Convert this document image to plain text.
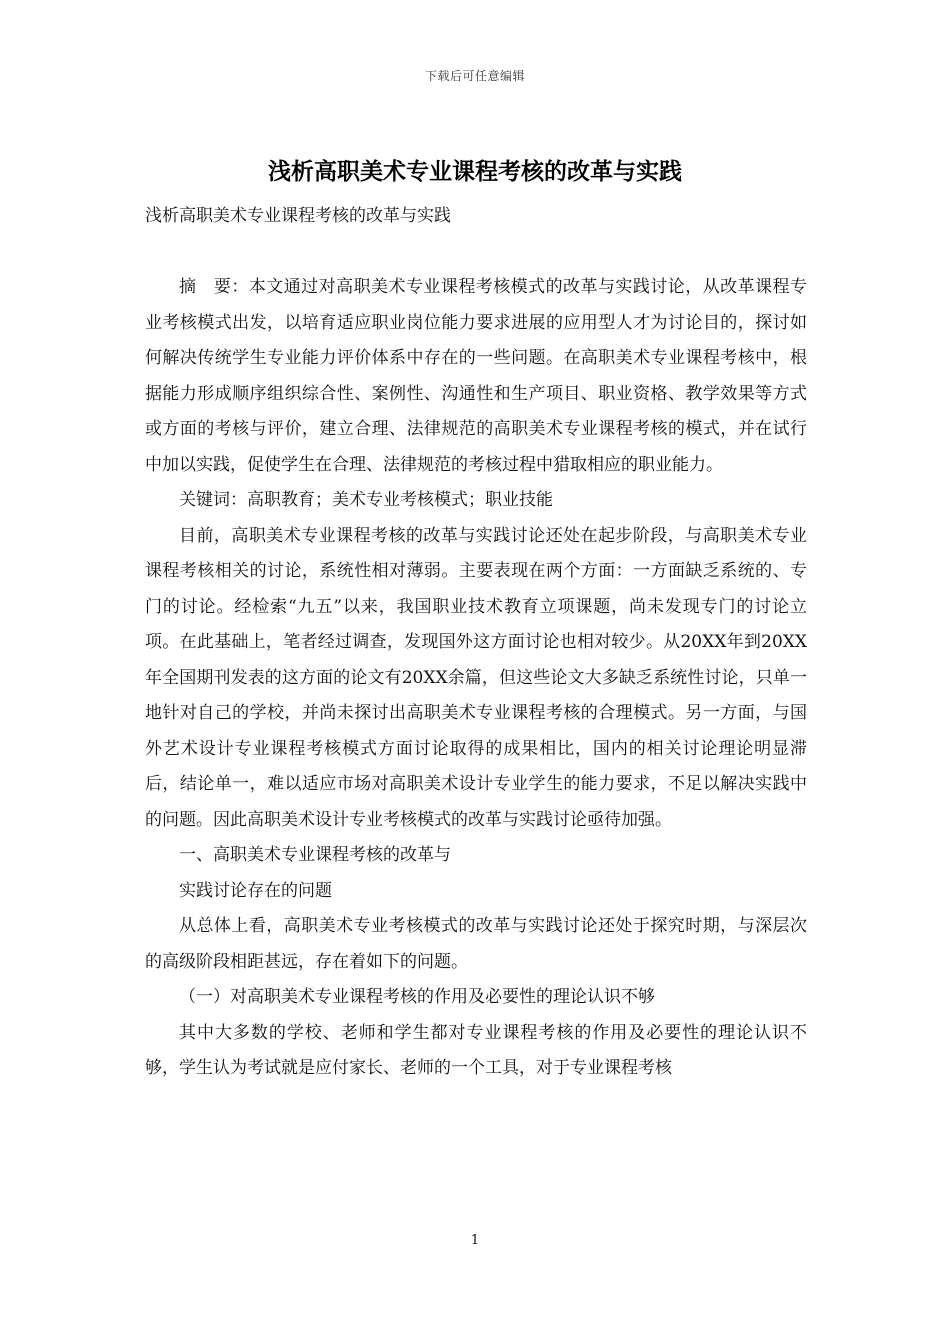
下载后可任意编辑
浅析高职美术专业课程考核的改革与实践
浅析高职美术专业课程考核的改革与实践

摘　要：本文通过对高职美术专业课程考核模式的改革与实践讨论，从改革课程专业考核模式出发，以培育适应职业岗位能力要求进展的应用型人才为讨论目的，探讨如何解决传统学生专业能力评价体系中存在的一些问题。在高职美术专业课程考核中，根据能力形成顺序组织综合性、案例性、沟通性和生产项目、职业资格、教学效果等方式或方面的考核与评价，建立合理、法律规范的高职美术专业课程考核的模式，并在试行中加以实践，促使学生在合理、法律规范的考核过程中猎取相应的职业能力。

关键词：高职教育；美术专业考核模式；职业技能

目前，高职美术专业课程考核的改革与实践讨论还处在起步阶段，与高职美术专业课程考核相关的讨论，系统性相对薄弱。主要表现在两个方面：一方面缺乏系统的、专门的讨论。经检索“九五”以来，我国职业技术教育立项课题，尚未发现专门的讨论立项。在此基础上，笔者经过调查，发现国外这方面讨论也相对较少。从20XX年到20XX年全国期刊发表的这方面的论文有20XX余篇，但这些论文大多缺乏系统性讨论，只单一地针对自己的学校，并尚未探讨出高职美术专业课程考核的合理模式。另一方面，与国外艺术设计专业课程考核模式方面讨论取得的成果相比，国内的相关讨论理论明显滞后，结论单一，难以适应市场对高职美术设计专业学生的能力要求，不足以解决实践中的问题。因此高职美术设计专业考核模式的改革与实践讨论亟待加强。

一、高职美术专业课程考核的改革与

实践讨论存在的问题

从总体上看，高职美术专业考核模式的改革与实践讨论还处于探究时期，与深层次的高级阶段相距甚远，存在着如下的问题。

（一）对高职美术专业课程考核的作用及必要性的理论认识不够

其中大多数的学校、老师和学生都对专业课程考核的作用及必要性的理论认识不够，学生认为考试就是应付家长、老师的一个工具，对于专业课程考核

1
